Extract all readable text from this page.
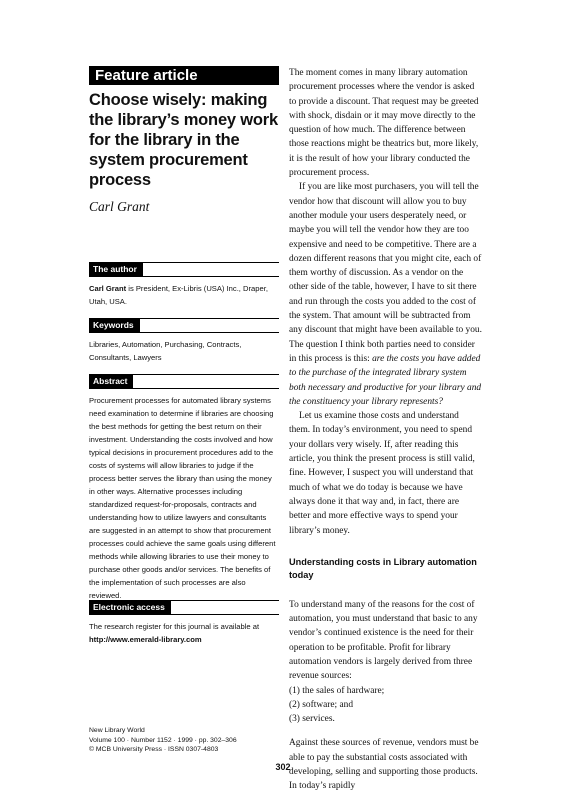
Feature article
Choose wisely: making the library’s money work for the library in the system procurement process
Carl Grant
The author
Carl Grant is President, Ex-Libris (USA) Inc., Draper, Utah, USA.
Keywords
Libraries, Automation, Purchasing, Contracts, Consultants, Lawyers
Abstract
Procurement processes for automated library systems need examination to determine if libraries are choosing the best methods for getting the best return on their investment. Understanding the costs involved and how typical decisions in procurement procedures add to the costs of systems will allow libraries to judge if the process better serves the library than using the money in other ways. Alternative processes including standardized request-for-proposals, contracts and understanding how to utilize lawyers and consultants are suggested in an attempt to show that procurement processes could achieve the same goals using different methods while allowing libraries to use their money to purchase other goods and/or services. The benefits of the implementation of such processes are also reviewed.
Electronic access
The research register for this journal is available at
http://www.emerald-library.com
New Library World
Volume 100 · Number 1152 · 1999 · pp. 302–306
© MCB University Press · ISSN 0307-4803

The moment comes in many library automation procurement processes where the vendor is asked to provide a discount. That request may be greeted with shock, disdain or it may move directly to the question of how much. The difference between those reactions might be theatrics but, more likely, it is the result of how your library conducted the procurement process.

If you are like most purchasers, you will tell the vendor how that discount will allow you to buy another module your users desperately need, or maybe you will tell the vendor how they are too expensive and need to be competitive. There are a dozen different reasons that you might cite, each of them worthy of discussion. As a vendor on the other side of the table, however, I have to sit there and run through the costs you added to the cost of the system. That amount will be subtracted from any discount that might have been available to you. The question I think both parties need to consider in this process is this: are the costs you have added to the purchase of the integrated library system both necessary and productive for your library and the constituency your library represents?

Let us examine those costs and understand them. In today’s environment, you need to spend your dollars very wisely. If, after reading this article, you think the present process is still valid, fine. However, I suspect you will understand that much of what we do today is because we have always done it that way and, in fact, there are better and more effective ways to spend your library’s money.

Understanding costs in Library automation today

To understand many of the reasons for the cost of automation, you must understand that basic to any vendor’s continued existence is the need for their operation to be profitable. Profit for library automation vendors is largely derived from three revenue sources:

(1) the sales of hardware;

(2) software; and

(3) services.

Against these sources of revenue, vendors must be able to pay the substantial costs associated with developing, selling and supporting those products. In today’s rapidly

302
